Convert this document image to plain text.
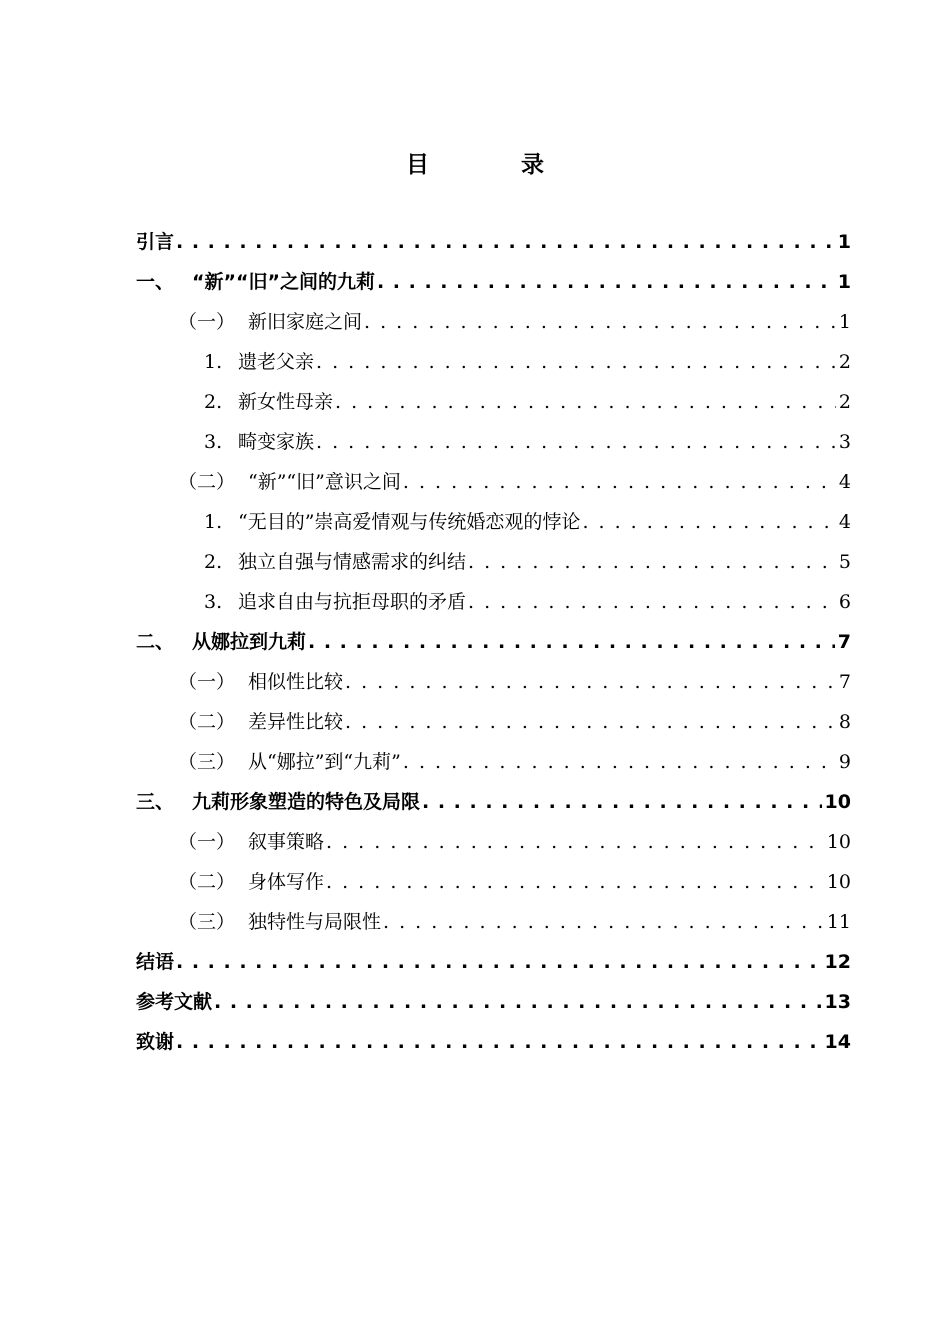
目	录
引言 . . .	1
一、 “新”“旧”之间的九莉 . . .	1
（一） 新旧家庭之间 . . .	1
1. 遗老父亲 . . .	2
2. 新女性母亲 . . .	2
3. 畸变家族 . . .	3
（二） “新”“旧”意识之间 . . .	4
1. “无目的”崇高爱情观与传统婚恋观的悖论 . . .	4
2. 独立自强与情感需求的纠结 . . .	5
3. 追求自由与抗拒母职的矛盾 . . .	6
二、 从娜拉到九莉 . . .	7
（一） 相似性比较 . . .	7
（二） 差异性比较 . . .	8
（三） 从“娜拉”到“九莉” . . .	9
三、 九莉形象塑造的特色及局限 . . .	10
（一） 叙事策略 . . .	10
（二） 身体写作 . . .	10
（三） 独特性与局限性 . . .	11
结语 . . .	12
参考文献 . . .	13
致谢 . . .	14
